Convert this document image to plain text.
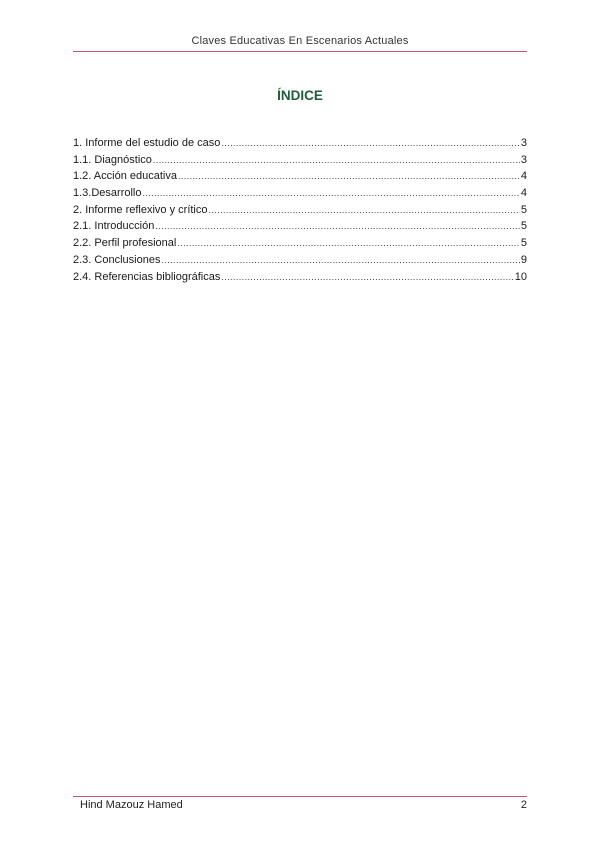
Claves Educativas En Escenarios Actuales
ÍNDICE
1. Informe del estudio de caso .....	3
1.1. Diagnóstico .....	3
1.2. Acción educativa .....	4
1.3.Desarrollo .....	4
2. Informe reflexivo y crítico .....	5
2.1. Introducción .....	5
2.2. Perfil profesional .....	5
2.3. Conclusiones .....	9
2.4. Referencias bibliográficas .....	10
Hind Mazouz Hamed	2
